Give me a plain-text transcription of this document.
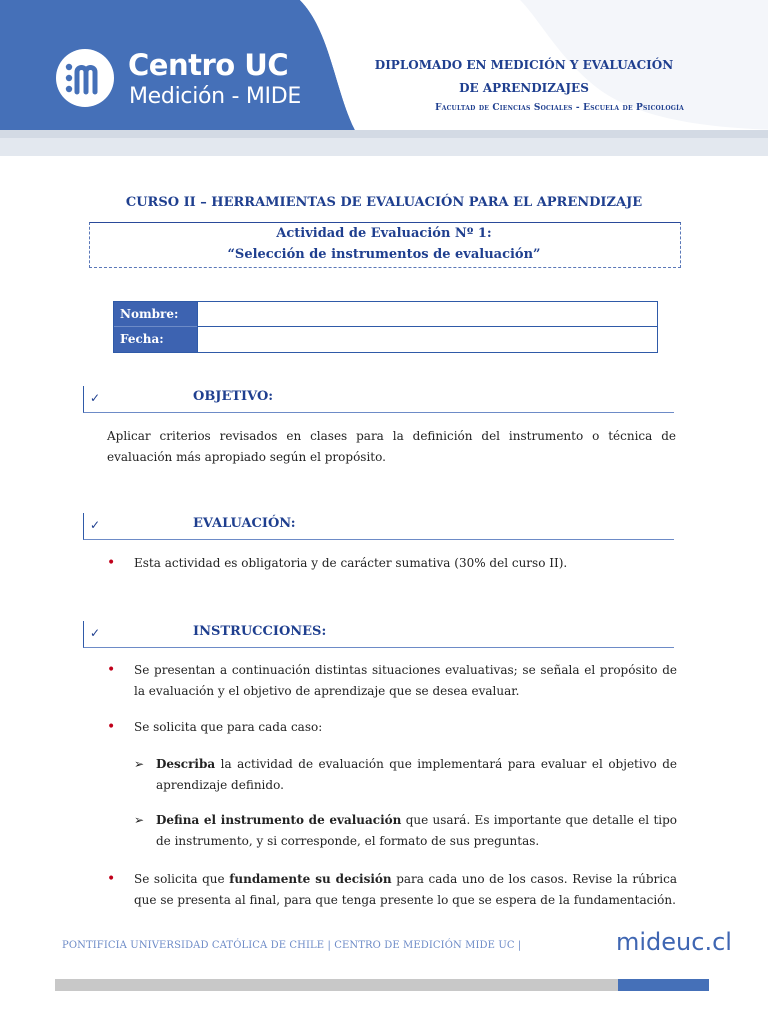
Centro UC
Medición - MIDE
DIPLOMADO EN MEDICIÓN Y EVALUACIÓN
DE APRENDIZAJES
Facultad de Ciencias Sociales - Escuela de Psicología
CURSO II – HERRAMIENTAS DE EVALUACIÓN PARA EL APRENDIZAJE
Actividad de Evaluación Nº 1:
“Selección de instrumentos de evaluación”
Nombre:
Fecha:
✓	OBJETIVO:
Aplicar criterios revisados en clases para la definición del instrumento o técnica de evaluación más apropiado según el propósito.
✓	EVALUACIÓN:
• Esta actividad es obligatoria y de carácter sumativa (30% del curso II).
✓	INSTRUCCIONES:
• Se presentan a continuación distintas situaciones evaluativas; se señala el propósito de la evaluación y el objetivo de aprendizaje que se desea evaluar.
• Se solicita que para cada caso:
➢ Describa la actividad de evaluación que implementará para evaluar el objetivo de aprendizaje definido.
➢ Defina el instrumento de evaluación que usará. Es importante que detalle el tipo de instrumento, y si corresponde, el formato de sus preguntas.
• Se solicita que fundamente su decisión para cada uno de los casos. Revise la rúbrica que se presenta al final, para que tenga presente lo que se espera de la fundamentación.
PONTIFICIA UNIVERSIDAD CATÓLICA DE CHILE | CENTRO DE MEDICIÓN MIDE UC |	mideuc.cl
